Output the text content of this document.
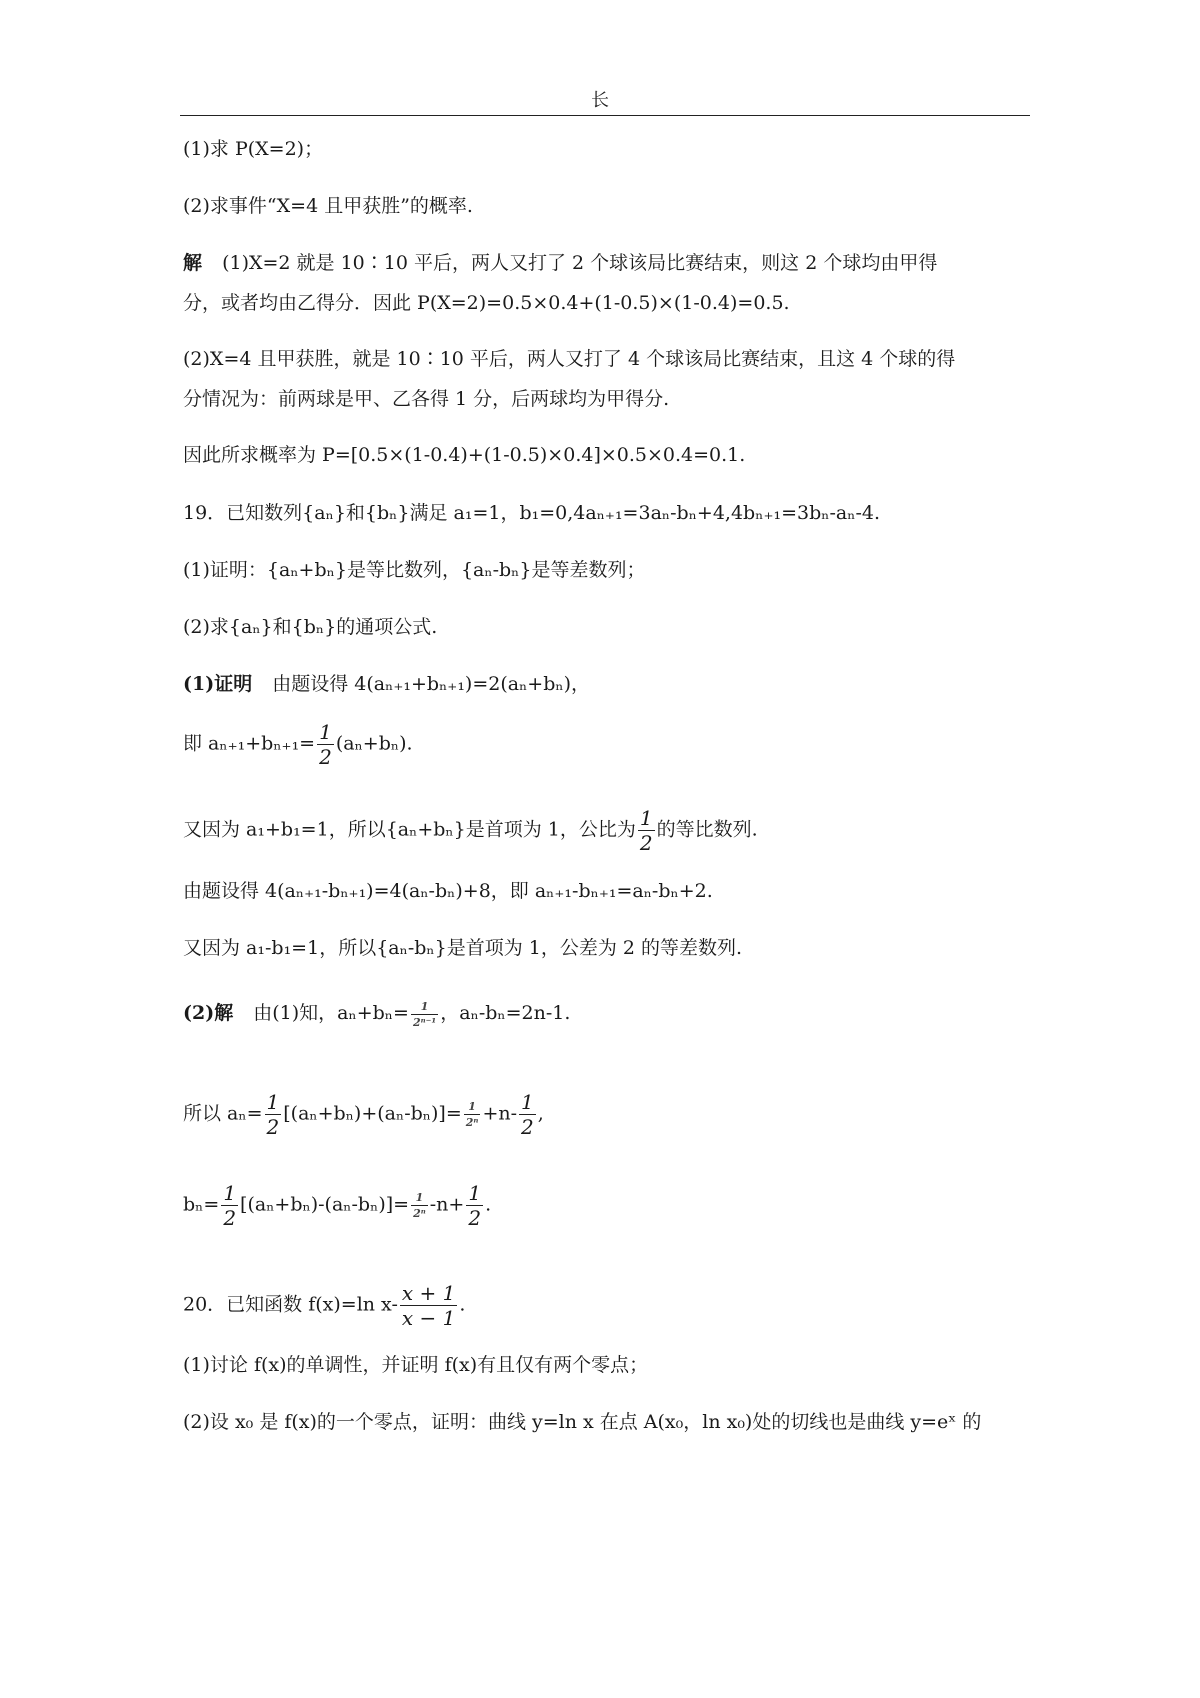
长
(1)求 P(X=2)；
(2)求事件“X=4 且甲获胜”的概率.
解 (1)X=2 就是 10∶10 平后，两人又打了 2 个球该局比赛结束，则这 2 个球均由甲得
分，或者均由乙得分．因此 P(X=2)=0.5×0.4+(1-0.5)×(1-0.4)=0.5.
(2)X=4 且甲获胜，就是 10∶10 平后，两人又打了 4 个球该局比赛结束，且这 4 个球的得
分情况为：前两球是甲、乙各得 1 分，后两球均为甲得分.
因此所求概率为 P=[0.5×(1-0.4)+(1-0.5)×0.4]×0.5×0.4=0.1.
19．已知数列{aₙ}和{bₙ}满足 a₁=1，b₁=0,4aₙ₊₁=3aₙ-bₙ+4,4bₙ₊₁=3bₙ-aₙ-4.
(1)证明：{aₙ+bₙ}是等比数列，{aₙ-bₙ}是等差数列；
(2)求{aₙ}和{bₙ}的通项公式.
(1)证明 由题设得 4(aₙ₊₁+bₙ₊₁)=2(aₙ+bₙ)，
即 $a_{n+1}+b_{n+1}= \frac{1}{2} (a_n+b_n)$.
又因为 a₁+b₁=1，所以{aₙ+bₙ}是首项为 1，公比为 $\frac{1}{2}$ 的等比数列.
由题设得 4(aₙ₊₁-bₙ₊₁)=4(aₙ-bₙ)+8，即 aₙ₊₁-bₙ₊₁=aₙ-bₙ+2.
又因为 a₁-b₁=1，所以{aₙ-bₙ}是首项为 1，公差为 2 的等差数列.
(2)解 由(1)知，$a_n+b_n= \frac{1}{\text{2ⁿ⁻¹}}$ ，aₙ-bₙ=2n-1.
所以 $a_n= \frac{1}{2} [(a_n+b_n)+(a_n-b_n)]= \frac{1}{\text{2ⁿ}} +n- \frac{1}{2}$ ,
$b_n= \frac{1}{2} [(a_n+b_n)-(a_n-b_n)]= \frac{1}{\text{2ⁿ}} -n+ \frac{1}{2}$ .
20．已知函数 f(x)=ln $x- \frac{x + 1}{x - 1}$ .
(1)讨论 f(x)的单调性，并证明 f(x)有且仅有两个零点；
(2)设 x₀ 是 f(x)的一个零点，证明：曲线 y=ln x 在点 A(x₀，ln x₀)处的切线也是曲线 y=eˣ 的
